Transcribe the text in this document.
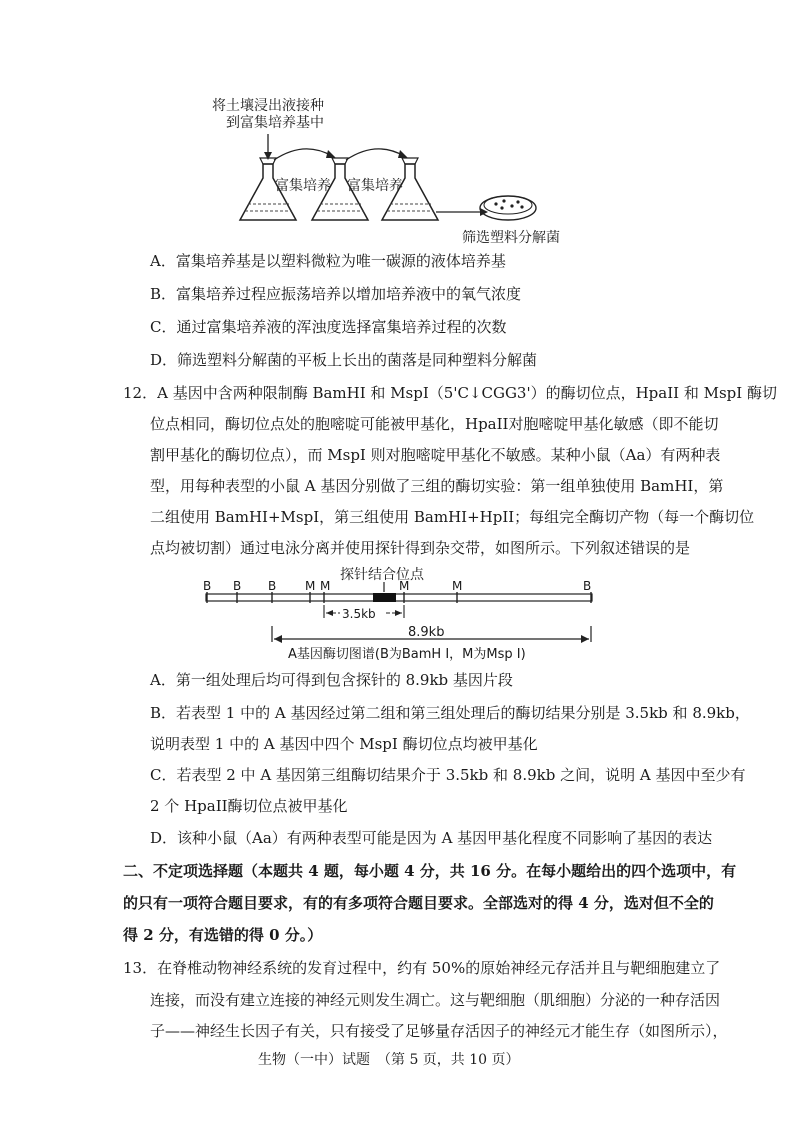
将土壤浸出液接种
到富集培养基中
富集培养 富集培养
筛选塑料分解菌
A．富集培养基是以塑料微粒为唯一碳源的液体培养基
B．富集培养过程应振荡培养以增加培养液中的氧气浓度
C．通过富集培养液的浑浊度选择富集培养过程的次数
D．筛选塑料分解菌的平板上长出的菌落是同种塑料分解菌
12．A 基因中含两种限制酶 BamHI 和 MspI（5'C↓CGG3'）的酶切位点，HpaII 和 MspI 酶切
位点相同，酶切位点处的胞嘧啶可能被甲基化，HpaII对胞嘧啶甲基化敏感（即不能切
割甲基化的酶切位点），而 MspI 则对胞嘧啶甲基化不敏感。某种小鼠（Aa）有两种表
型，用每种表型的小鼠 A 基因分别做了三组的酶切实验：第一组单独使用 BamHI，第
二组使用 BamHI+MspI，第三组使用 BamHI+HpII；每组完全酶切产物（每一个酶切位
点均被切割）通过电泳分离并使用探针得到杂交带，如图所示。下列叙述错误的是
探针结合位点
B B B M M	M	M	B
3.5kb
8.9kb
A基因酶切图谱(B为BamH Ⅰ，M为Msp I)
A．第一组处理后均可得到包含探针的 8.9kb 基因片段
B．若表型 1 中的 A 基因经过第二组和第三组处理后的酶切结果分别是 3.5kb 和 8.9kb，
说明表型 1 中的 A 基因中四个 MspI 酶切位点均被甲基化
C．若表型 2 中 A 基因第三组酶切结果介于 3.5kb 和 8.9kb 之间，说明 A 基因中至少有
2 个 HpaII酶切位点被甲基化
D．该种小鼠（Aa）有两种表型可能是因为 A 基因甲基化程度不同影响了基因的表达
二、不定项选择题（本题共 4 题，每小题 4 分，共 16 分。在每小题给出的四个选项中，有
的只有一项符合题目要求，有的有多项符合题目要求。全部选对的得 4 分，选对但不全的
得 2 分，有选错的得 0 分。）
13．在脊椎动物神经系统的发育过程中，约有 50%的原始神经元存活并且与靶细胞建立了
连接，而没有建立连接的神经元则发生凋亡。这与靶细胞（肌细胞）分泌的一种存活因
子——神经生长因子有关，只有接受了足够量存活因子的神经元才能生存（如图所示），
生物（一中）试题　（第 5 页，共 10 页）
